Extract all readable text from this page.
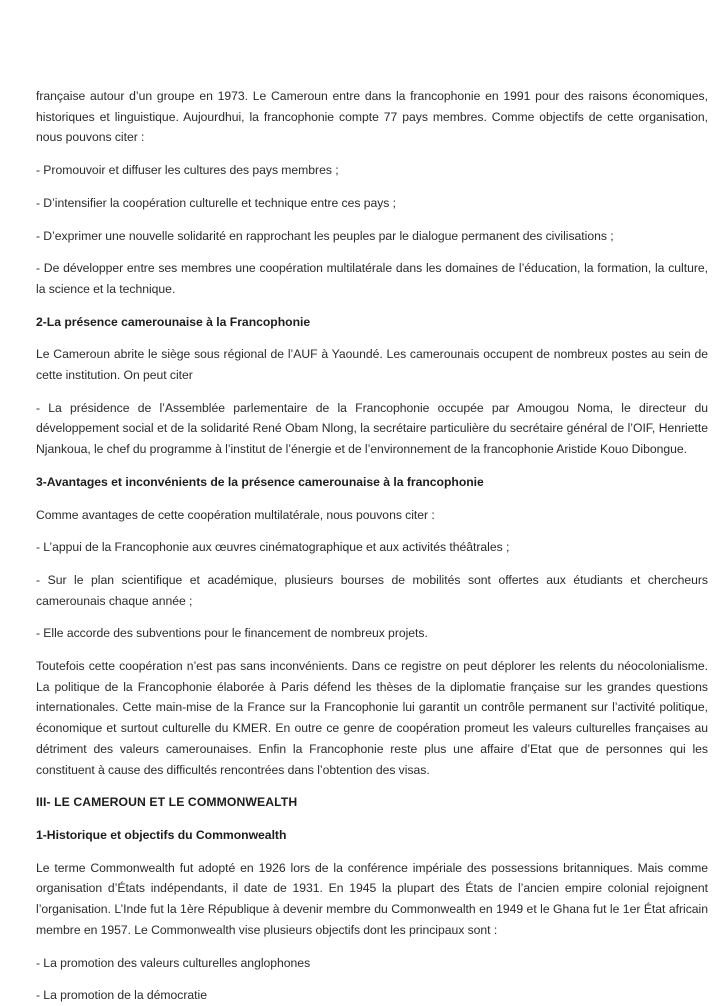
française autour d’un groupe en 1973. Le Cameroun entre dans la francophonie en 1991 pour des raisons économiques, historiques et linguistique. Aujourdhui, la francophonie compte 77 pays membres. Comme objectifs de cette organisation, nous pouvons citer :

- Promouvoir et diffuser les cultures des pays membres ;

- D’intensifier la coopération culturelle et technique entre ces pays ;

- D’exprimer une nouvelle solidarité en rapprochant les peuples par le dialogue permanent des civilisations ;

- De développer entre ses membres une coopération multilatérale dans les domaines de l’éducation, la formation, la culture, la science et la technique.

2-La présence camerounaise à la Francophonie

Le Cameroun abrite le siège sous régional de l’AUF à Yaoundé. Les camerounais occupent de nombreux postes au sein de cette institution. On peut citer

- La présidence de l’Assemblée parlementaire de la Francophonie occupée par Amougou Noma, le directeur du développement social et de la solidarité René Obam Nlong, la secrétaire particulière du secrétaire général de l’OIF, Henriette Njankoua, le chef du programme à l’institut de l’énergie et de l’environnement de la francophonie Aristide Kouo Dibongue.

3-Avantages et inconvénients de la présence camerounaise à la francophonie

Comme avantages de cette coopération multilatérale, nous pouvons citer :

- L’appui de la Francophonie aux œuvres cinématographique et aux activités théâtrales ;

- Sur le plan scientifique et académique, plusieurs bourses de mobilités sont offertes aux étudiants et chercheurs camerounais chaque année ;

- Elle accorde des subventions pour le financement de nombreux projets.

Toutefois cette coopération n’est pas sans inconvénients. Dans ce registre on peut déplorer les relents du néocolonialisme. La politique de la Francophonie élaborée à Paris défend les thèses de la diplomatie française sur les grandes questions internationales. Cette main-mise de la France sur la Francophonie lui garantit un contrôle permanent sur l’activité politique, économique et surtout culturelle du KMER. En outre ce genre de coopération promeut les valeurs culturelles françaises au détriment des valeurs camerounaises. Enfin la Francophonie reste plus une affaire d’Etat que de personnes qui les constituent à cause des difficultés rencontrées dans l’obtention des visas.

III- LE CAMEROUN ET LE COMMONWEALTH

1-Historique et objectifs du Commonwealth

Le terme Commonwealth fut adopté en 1926 lors de la conférence impériale des possessions britanniques. Mais comme organisation d’États indépendants, il date de 1931. En 1945 la plupart des États de l’ancien empire colonial rejoignent l’organisation. L’Inde fut la 1ère République à devenir membre du Commonwealth en 1949 et le Ghana fut le 1er État africain membre en 1957. Le Commonwealth vise plusieurs objectifs dont les principaux sont :

- La promotion des valeurs culturelles anglophones

- La promotion de la démocratie
